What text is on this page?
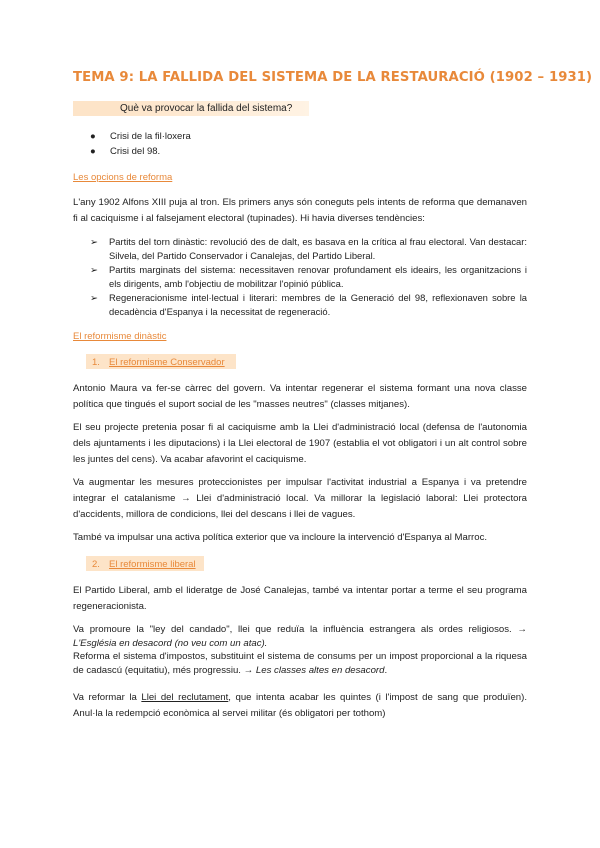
TEMA 9: LA FALLIDA DEL SISTEMA DE LA RESTAURACIÓ (1902 – 1931)
Què va provocar la fallida del sistema?
● Crisi de la fil·loxera
● Crisi del 98.
Les opcions de reforma
L'any 1902 Alfons XIII puja al tron. Els primers anys són coneguts pels intents de reforma que demanaven fi al caciquisme i al falsejament electoral (tupinades). Hi havia diverses tendències:
➢ Partits del torn dinàstic: revolució des de dalt, es basava en la crítica al frau electoral. Van destacar: Silvela, del Partido Conservador i Canalejas, del Partido Liberal.
➢ Partits marginats del sistema: necessitaven renovar profundament els ideairs, les organitzacions i els dirigents, amb l'objectiu de mobilitzar l'opinió pública.
➢ Regeneracionisme intel·lectual i literari: membres de la Generació del 98, reflexionaven sobre la decadència d'Espanya i la necessitat de regeneració.
El reformisme dinàstic
1. El reformisme Conservador
Antonio Maura va fer-se càrrec del govern. Va intentar regenerar el sistema formant una nova classe política que tingués el suport social de les "masses neutres" (classes mitjanes).
El seu projecte pretenia posar fi al caciquisme amb la Llei d'administració local (defensa de l'autonomia dels ajuntaments i les diputacions) i la Llei electoral de 1907 (establia el vot obligatori i un alt control sobre les juntes del cens). Va acabar afavorint el caciquisme.
Va augmentar les mesures proteccionistes per impulsar l'activitat industrial a Espanya i va pretendre integrar el catalanisme → Llei d'administració local. Va millorar la legislació laboral: Llei protectora d'accidents, millora de condicions, llei del descans i llei de vagues.
També va impulsar una activa política exterior que va incloure la intervenció d'Espanya al Marroc.
2. El reformisme liberal
El Partido Liberal, amb el lideratge de José Canalejas, també va intentar portar a terme el seu programa regeneracionista.
Va promoure la "ley del candado", llei que reduïa la influència estrangera als ordes religiosos. → L'Església en desacord (no veu com un atac).
Reforma el sistema d'impostos, substituint el sistema de consums per un impost proporcional a la riquesa de cadascú (equitatiu), més progressiu. → Les classes altes en desacord.
Va reformar la Llei del reclutament, que intenta acabar les quintes (i l'impost de sang que produïen). Anul·la la redempció econòmica al servei militar (és obligatori per tothom)
